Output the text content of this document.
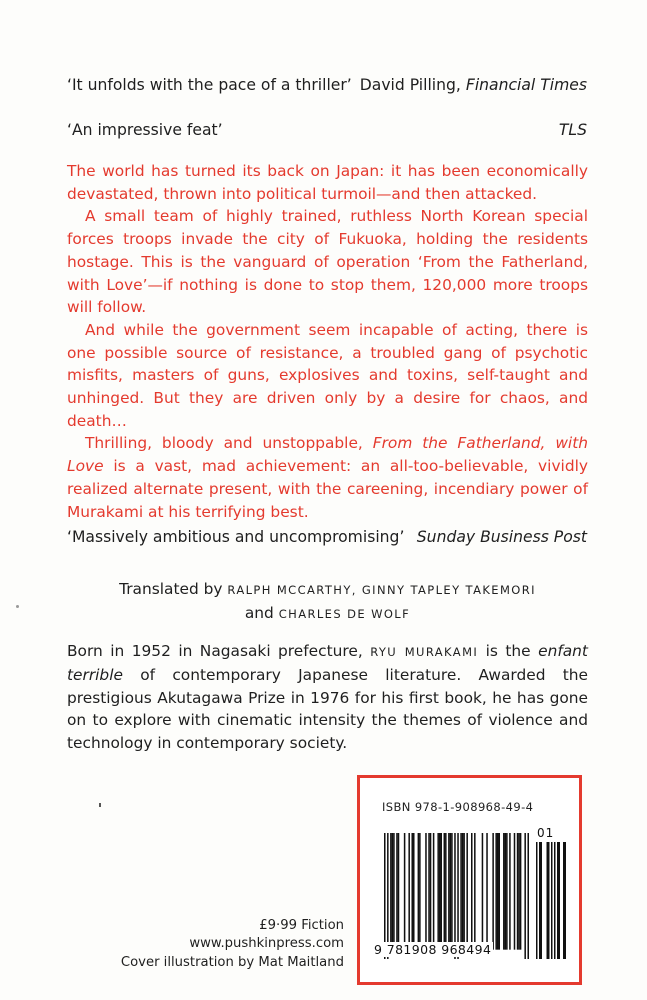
‘It unfolds with the pace of a thriller’ David Pilling, Financial Times
‘An impressive feat’	TLS

The world has turned its back on Japan: it has been economically devastated, thrown into political turmoil—and then attacked.

A small team of highly trained, ruthless North Korean special forces troops invade the city of Fukuoka, holding the residents hostage. This is the vanguard of operation ‘From the Fatherland, with Love’—if nothing is done to stop them, 120,000 more troops will follow.

And while the government seem incapable of acting, there is one possible source of resistance, a troubled gang of psychotic misfits, masters of guns, explosives and toxins, self-taught and unhinged. But they are driven only by a desire for chaos, and death…

Thrilling, bloody and unstoppable, From the Fatherland, with Love is a vast, mad achievement: an all-too-believable, vividly realized alternate present, with the careening, incendiary power of Murakami at his terrifying best.

‘Massively ambitious and uncompromising’ Sunday Business Post
Translated by RALPH MCCARTHY, GINNY TAPLEY TAKEMORI
and CHARLES DE WOLF

Born in 1952 in Nagasaki prefecture, RYU MURAKAMI is the enfant terrible of contemporary Japanese literature. Awarded the prestigious Akutagawa Prize in 1976 for his first book, he has gone on to explore with cinematic intensity the themes of violence and technology in contemporary society.

£9·99 Fiction
www.pushkinpress.com
Cover illustration by Mat Maitland
ISBN 978-1-908968-49-4
01
9 781908 968494
